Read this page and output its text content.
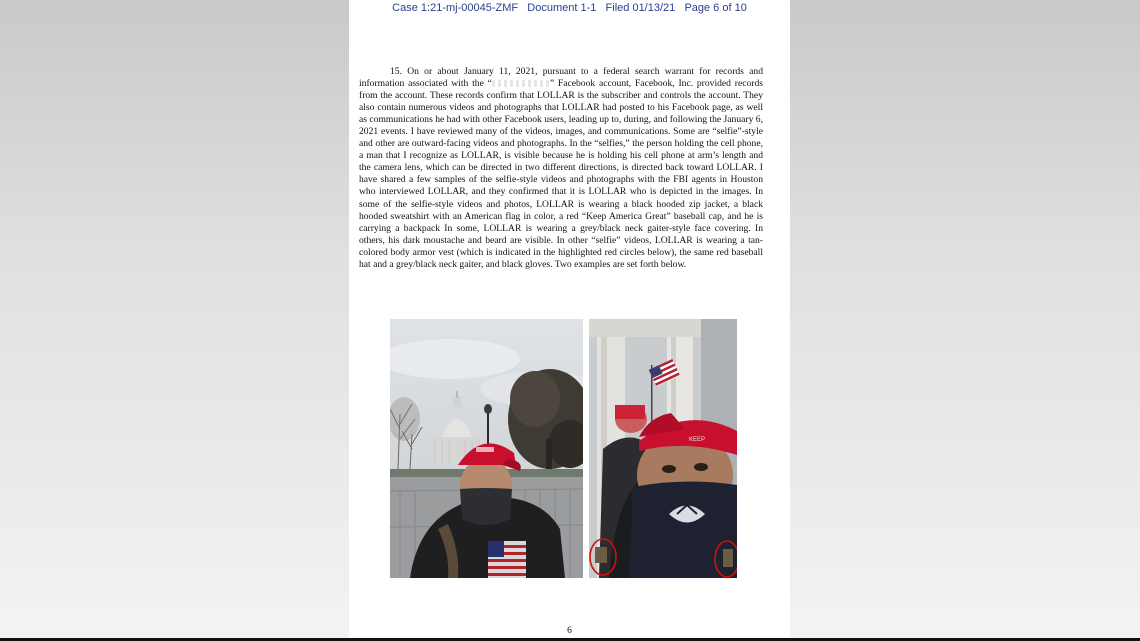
Case 1:21-mj-00045-ZMF Document 1-1 Filed 01/13/21 Page 6 of 10
15. On or about January 11, 2021, pursuant to a federal search warrant for records and information associated with the “	” Facebook account, Facebook, Inc. provided records from the account. These records confirm that LOLLAR is the subscriber and controls the account. They also contain numerous videos and photographs that LOLLAR had posted to his Facebook page, as well as communications he had with other Facebook users, leading up to, during, and following the January 6, 2021 events. I have reviewed many of the videos, images, and communications. Some are “selfie”-style and other are outward-facing videos and photographs. In the “selfies,” the person holding the cell phone, a man that I recognize as LOLLAR, is visible because he is holding his cell phone at arm’s length and the camera lens, which can be directed in two different directions, is directed back toward LOLLAR. I have shared a few samples of the selfie-style videos and photographs with the FBI agents in Houston who interviewed LOLLAR, and they confirmed that it is LOLLAR who is depicted in the images. In some of the selfie-style videos and photos, LOLLAR is wearing a black hooded zip jacket, a black hooded sweatshirt with an American flag in color, a red “Keep America Great” baseball cap, and he is carrying a backpack In some, LOLLAR is wearing a grey/black neck gaiter-style face covering. In others, his dark moustache and beard are visible. In other “selfie” videos, LOLLAR is wearing a tan-colored body armor vest (which is indicated in the highlighted red circles below), the same red baseball hat and a grey/black neck gaiter, and black gloves. Two examples are set forth below.
KEEP
6
